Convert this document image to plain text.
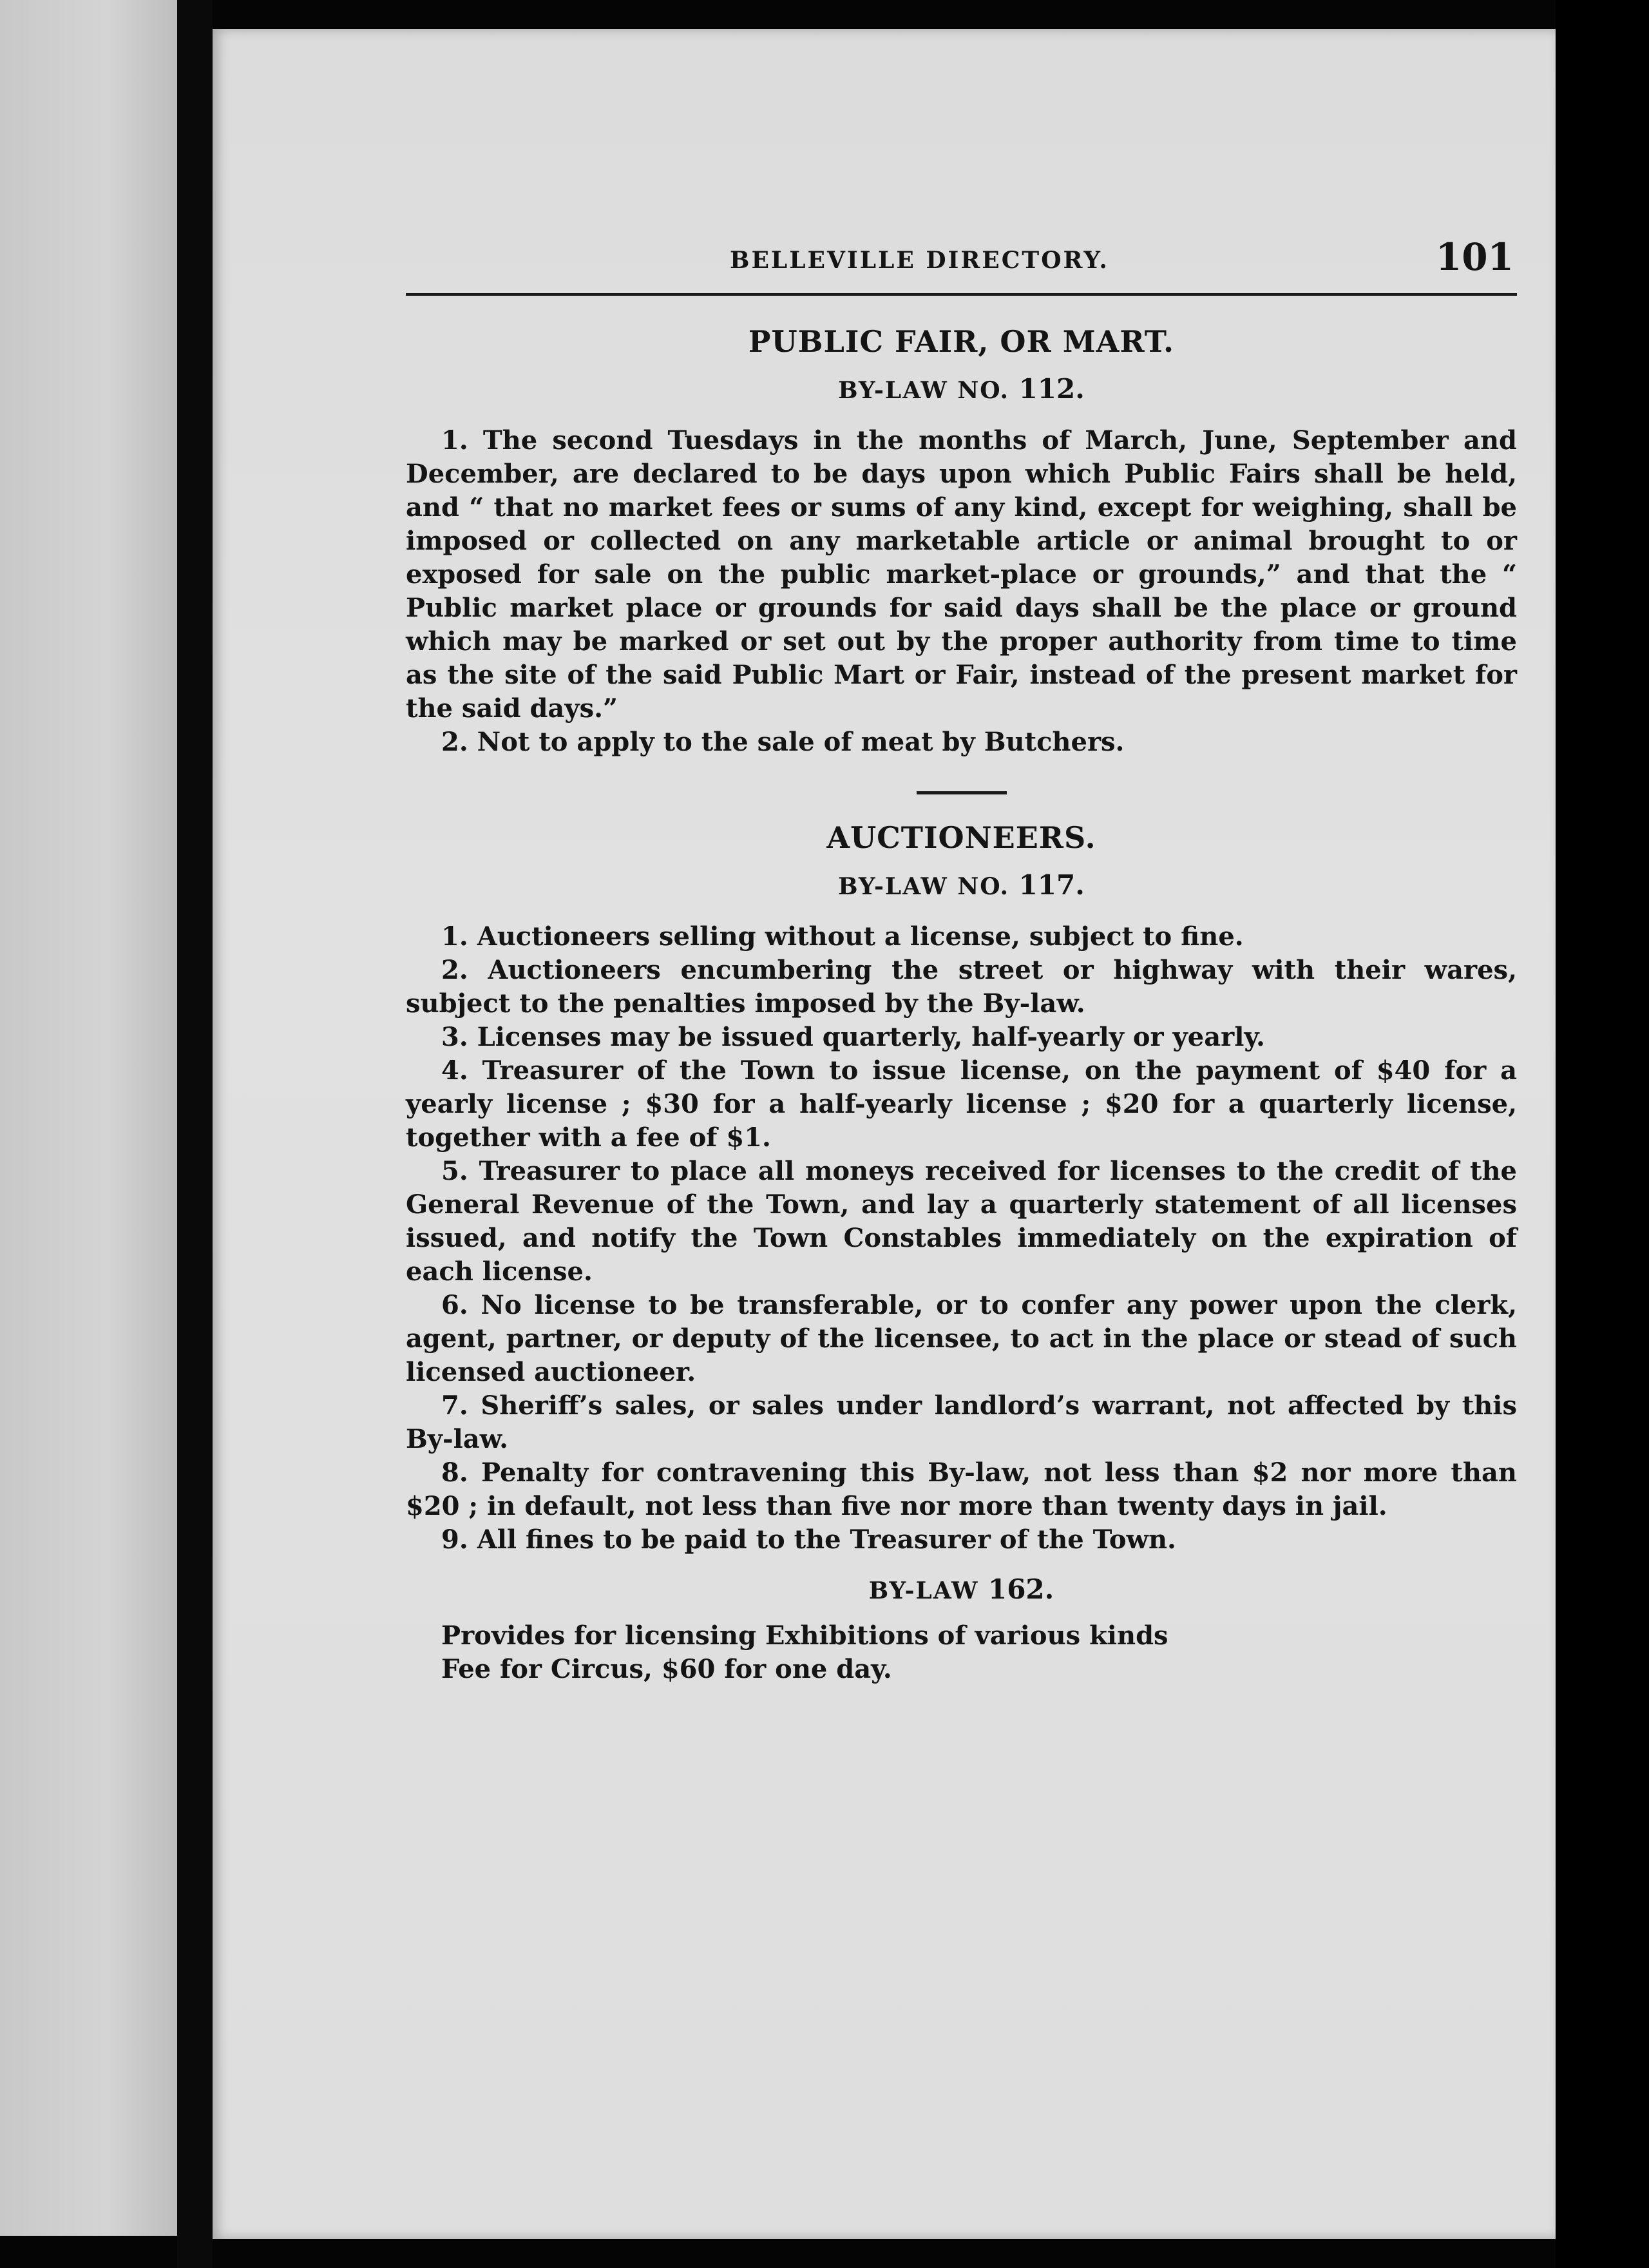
BELLEVILLE DIRECTORY.	101
PUBLIC FAIR, OR MART.
BY-LAW NO. 112.

1. The second Tuesdays in the months of March, June, September and December, are declared to be days upon which Public Fairs shall be held, and “ that no market fees or sums of any kind, except for weighing, shall be imposed or collected on any marketable article or animal brought to or exposed for sale on the public market-place or grounds,” and that the “ Public market place or grounds for said days shall be the place or ground which may be marked or set out by the proper authority from time to time as the site of the said Public Mart or Fair, instead of the present market for the said days.”

2. Not to apply to the sale of meat by Butchers.

AUCTIONEERS.
BY-LAW NO. 117.

1. Auctioneers selling without a license, subject to fine.

2. Auctioneers encumbering the street or highway with their wares, subject to the penalties imposed by the By-law.

3. Licenses may be issued quarterly, half-yearly or yearly.

4. Treasurer of the Town to issue license, on the payment of $40 for a yearly license ; $30 for a half-yearly license ; $20 for a quarterly license, together with a fee of $1.

5. Treasurer to place all moneys received for licenses to the credit of the General Revenue of the Town, and lay a quarterly statement of all licenses issued, and notify the Town Constables immediately on the expiration of each license.

6. No license to be transferable, or to confer any power upon the clerk, agent, partner, or deputy of the licensee, to act in the place or stead of such licensed auctioneer.

7. Sheriff’s sales, or sales under landlord’s warrant, not affected by this By-law.

8. Penalty for contravening this By-law, not less than $2 nor more than $20 ; in default, not less than five nor more than twenty days in jail.

9. All fines to be paid to the Treasurer of the Town.

BY-LAW 162.

Provides for licensing Exhibitions of various kinds

Fee for Circus, $60 for one day.
